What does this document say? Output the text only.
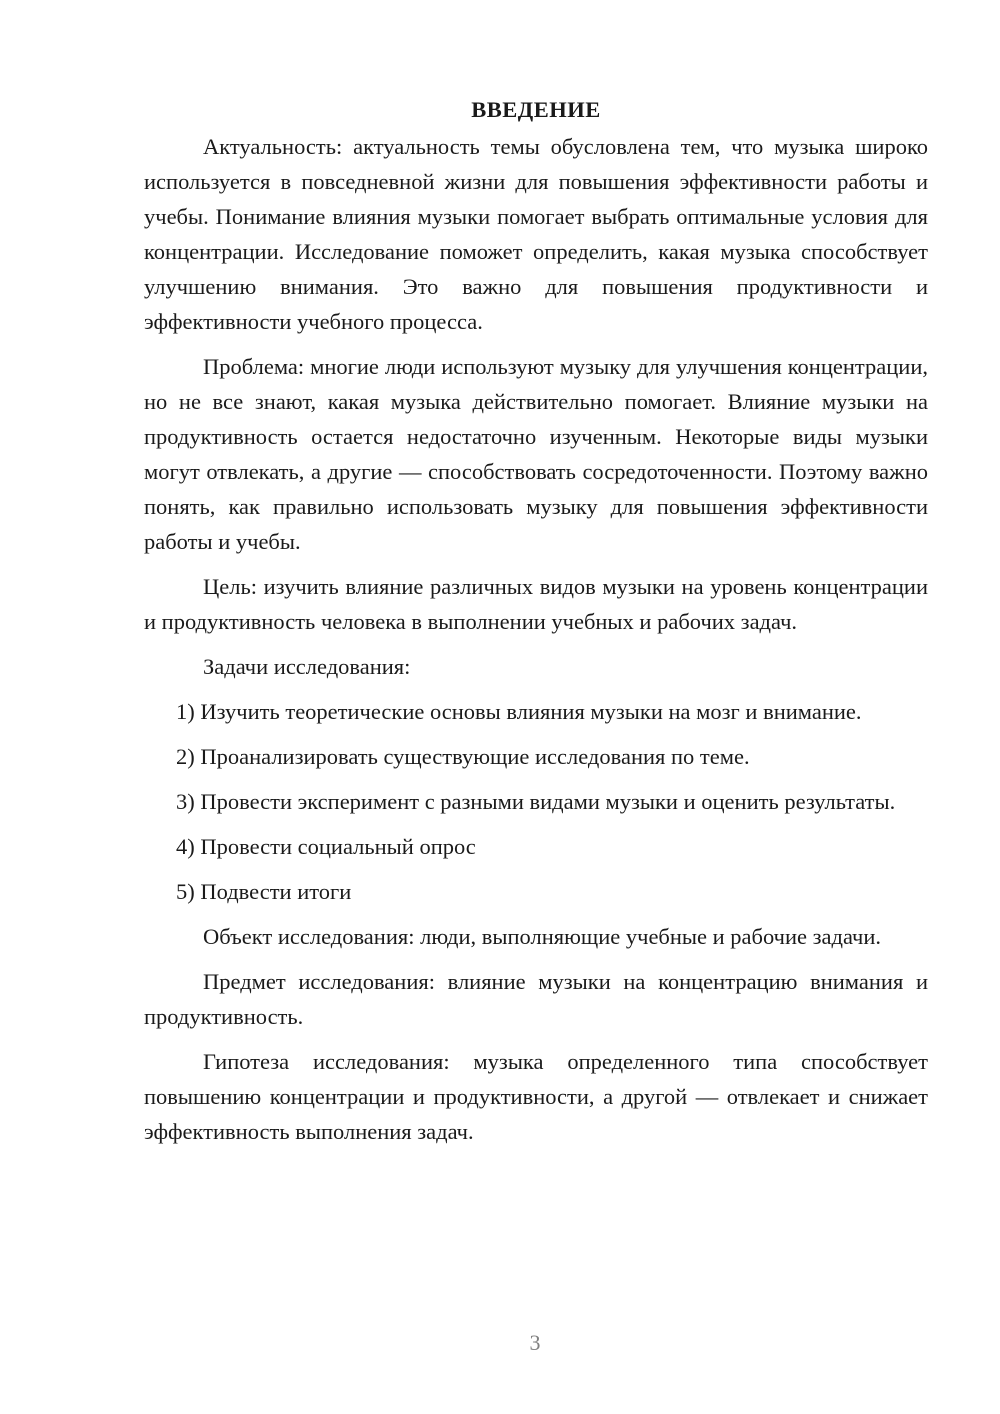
ВВЕДЕНИЕ

Актуальность: актуальность темы обусловлена тем, что музыка широко используется в повседневной жизни для повышения эффективности работы и учебы. Понимание влияния музыки помогает выбрать оптимальные условия для концентрации. Исследование поможет определить, какая музыка способствует улучшению внимания. Это важно для повышения продуктивности и эффективности учебного процесса.

Проблема: многие люди используют музыку для улучшения концентрации, но не все знают, какая музыка действительно помогает. Влияние музыки на продуктивность остается недостаточно изученным. Некоторые виды музыки могут отвлекать, а другие — способствовать сосредоточенности. Поэтому важно понять, как правильно использовать музыку для повышения эффективности работы и учебы.

Цель: изучить влияние различных видов музыки на уровень концентрации и продуктивность человека в выполнении учебных и рабочих задач.

Задачи исследования:

1) Изучить теоретические основы влияния музыки на мозг и внимание.

2) Проанализировать существующие исследования по теме.

3) Провести эксперимент с разными видами музыки и оценить результаты.

4) Провести социальный опрос

5) Подвести итоги

Объект исследования: люди, выполняющие учебные и рабочие задачи.

Предмет исследования: влияние музыки на концентрацию внимания и продуктивность.

Гипотеза исследования: музыка определенного типа способствует повышению концентрации и продуктивности, а другой — отвлекает и снижает эффективность выполнения задач.

3
